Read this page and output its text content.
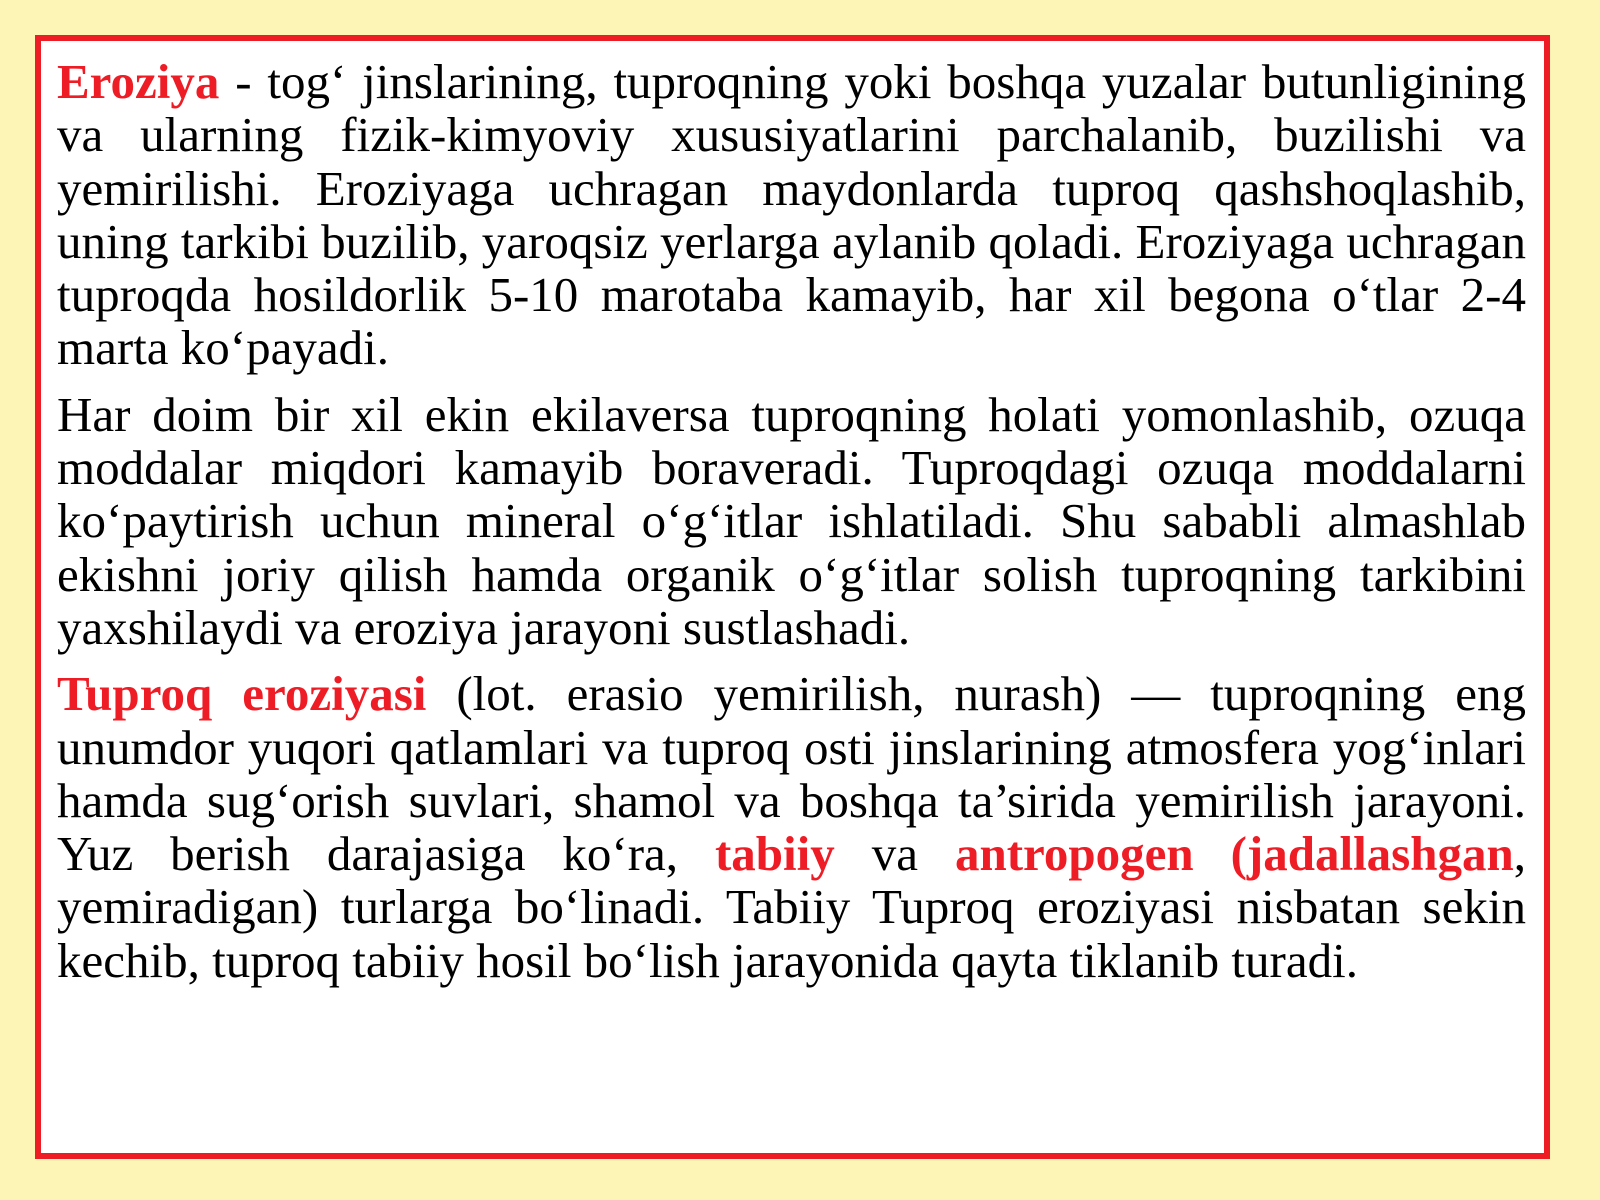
Eroziya - tog‘ jinslarining, tuproqning yoki boshqa yuzalar butunligining va ularning fizik-kimyoviy xususiyatlarini parchalanib, buzilishi va yemirilishi. Eroziyaga uchragan maydonlarda tuproq qashshoqlashib, uning tarkibi buzilib, yaroqsiz yerlarga aylanib qoladi. Eroziyaga uchragan tuproqda hosildorlik 5-10 marotaba kamayib, har xil begona o‘tlar 2-4 marta ko‘payadi.

Har doim bir xil ekin ekilaversa tuproqning holati yomonlashib, ozuqa moddalar miqdori kamayib boraveradi. Tuproqdagi ozuqa moddalarni ko‘paytirish uchun mineral o‘g‘itlar ishlatiladi. Shu sababli almashlab ekishni joriy qilish hamda organik o‘g‘itlar solish tuproqning tarkibini yaxshilaydi va eroziya jarayoni sustlashadi.

Tuproq eroziyasi (lot. erasio yemirilish, nurash) — tuproqning eng unumdor yuqori qatlamlari va tuproq osti jinslarining atmosfera yog‘inlari hamda sug‘orish suvlari, shamol va boshqa ta’sirida yemirilish jarayoni. Yuz berish darajasiga ko‘ra, tabiiy va antropogen (jadallashgan, yemiradigan) turlarga bo‘linadi. Tabiiy Tuproq eroziyasi nisbatan sekin kechib, tuproq tabiiy hosil bo‘lish jarayonida qayta tiklanib turadi.
